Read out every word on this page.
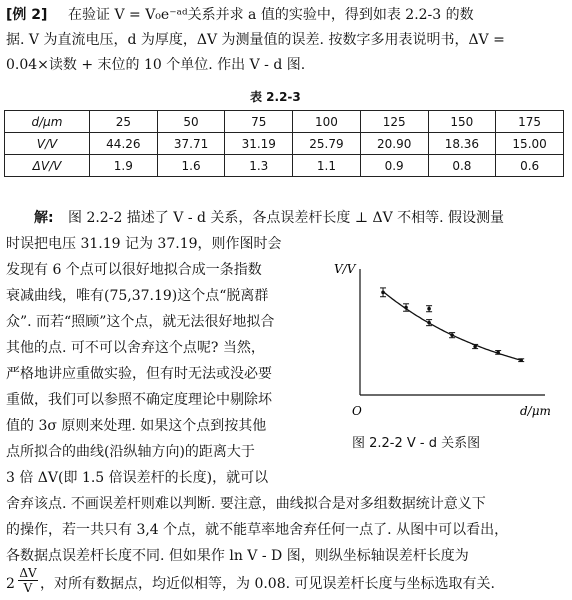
[例 2] 在验证 V = V₀e⁻ᵃᵈ关系并求 a 值的实验中，得到如表 2.2-3 的数
据. V 为直流电压，d 为厚度，ΔV 为测量值的误差. 按数字多用表说明书，ΔV =
0.04×读数 + 末位的 10 个单位. 作出 V - d 图.
表 2.2-3
d/μm	25	50	75	100	125	150	175
V/V	44.26	37.71	31.19	25.79	20.90	18.36	15.00
ΔV/V	1.9	1.6	1.3	1.1	0.9	0.8	0.6
解: 图 2.2-2 描述了 V - d 关系，各点误差杆长度 ⊥ ΔV 不相等. 假设测量
时误把电压 31.19 记为 37.19，则作图时会
发现有 6 个点可以很好地拟合成一条指数
衰减曲线，唯有(75,37.19)这个点“脱离群
众”. 而若“照顾”这个点，就无法很好地拟合
其他的点. 可不可以舍弃这个点呢? 当然，
严格地讲应重做实验，但有时无法或没必要
重做，我们可以参照不确定度理论中剔除坏
值的 3σ 原则来处理. 如果这个点到按其他
点所拟合的曲线(沿纵轴方向)的距离大于
3 倍 ΔV(即 1.5 倍误差杆的长度)，就可以
舍弃该点. 不画误差杆则难以判断. 要注意，曲线拟合是对多组数据统计意义下
的操作，若一共只有 3,4 个点，就不能草率地舍弃任何一点了. 从图中可以看出，
各数据点误差杆长度不同. 但如果作 ln V - D 图，则纵坐标轴误差杆长度为
$2 \frac{\Delta V}{V}$ ，对所有数据点，均近似相等，为 0.08. 可见误差杆长度与坐标选取有关.
V/V
O	d/μm
图 2.2-2 V - d 关系图
